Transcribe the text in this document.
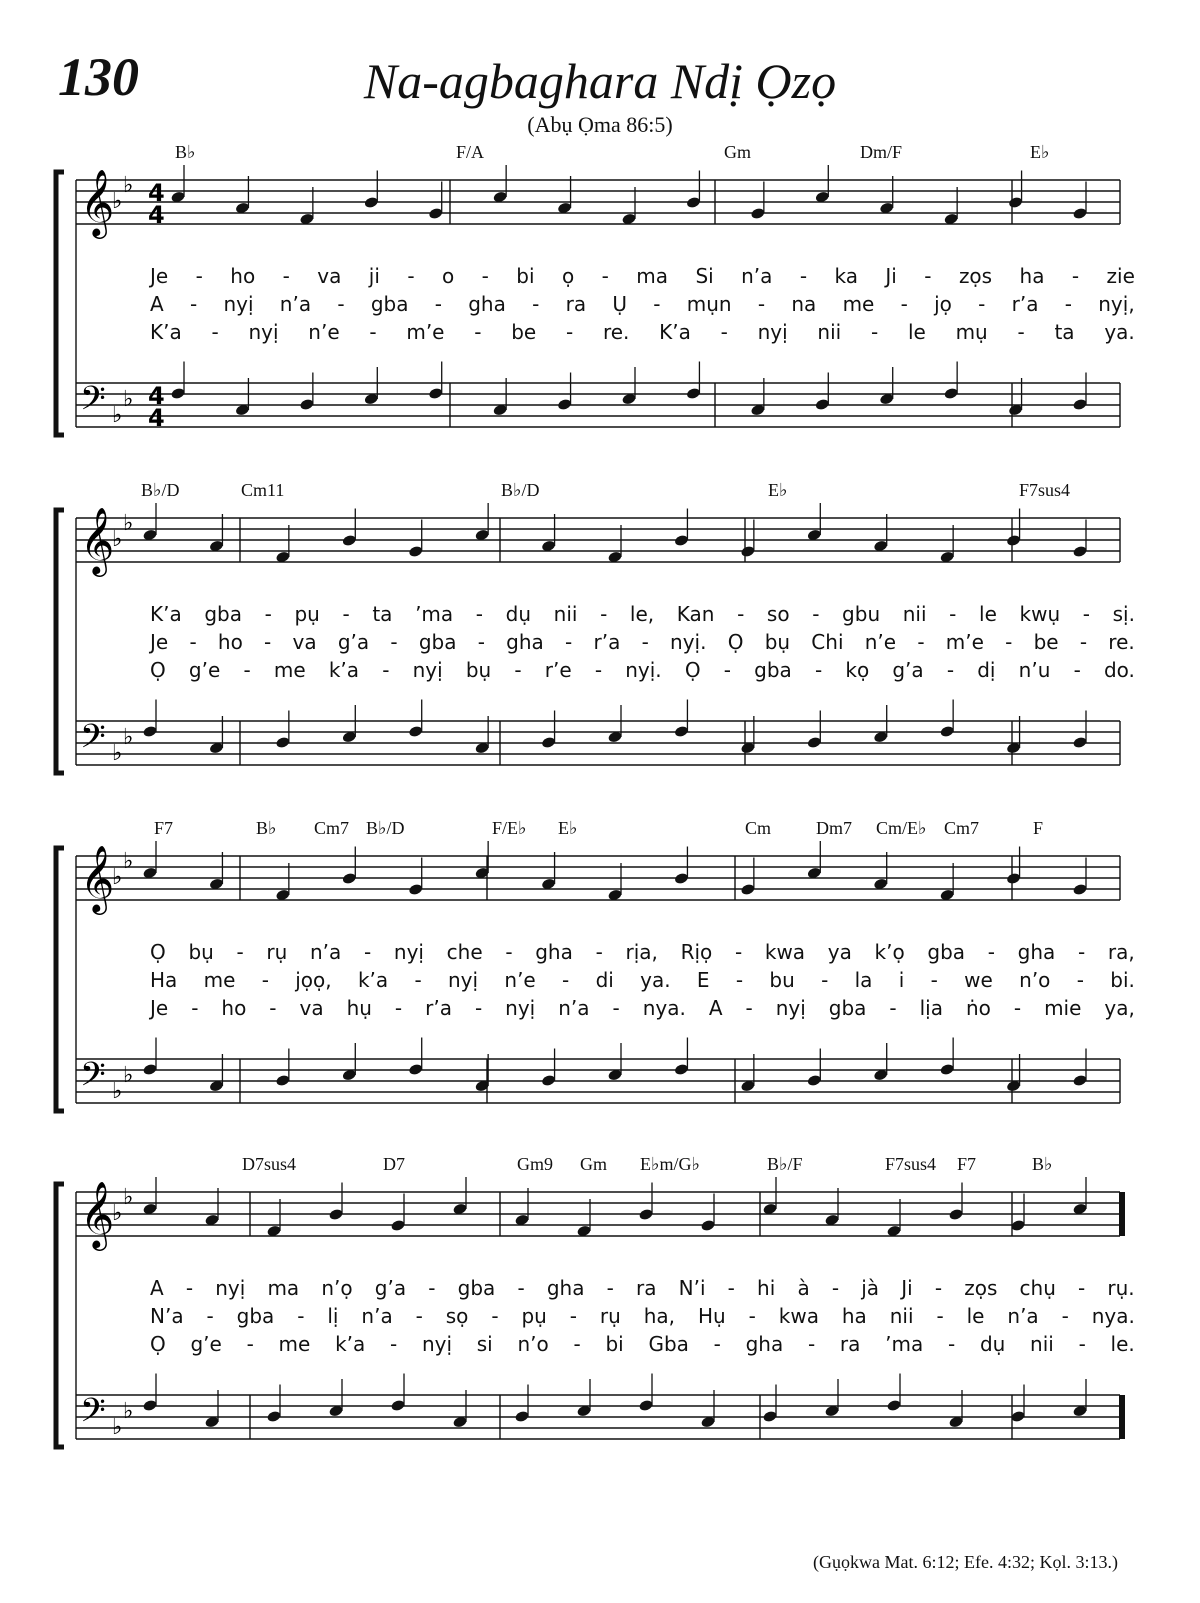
130	Na-agbaghara Ndị Ọzọ
(Abụ Ọma 86:5)
𝄞
♭
♭ 4
4
𝄢 ♭
♭ 4
4
B♭	F/A	Gm	Dm/F	E♭
Je - ho - va ji - o - bi ọ - ma Si n’a - ka Ji - zọs ha - zie
A - nyị n’a - gba - gha - ra Ụ - mụn - na me - jọ - r’a - nyị,
K’a - nyị n’e - m’e - be - re. K’a - nyị nii - le mụ - ta ya.
𝄞
♭
♭
𝄢 ♭
♭
B♭/D	Cm11	B♭/D	E♭	F7sus4
K’a gba - pụ - ta ’ma - dụ nii - le, Kan - so - gbu nii - le kwụ - sị.
Je - ho - va g’a - gba - gha - r’a - nyị. Ọ bụ Chi n’e - m’e - be - re.
Ọ g’e - me k’a - nyị bụ - r’e - nyị. Ọ - gba - kọ g’a - dị n’u - do.
𝄞
♭
♭
𝄢 ♭
♭
F7	B♭ Cm7 B♭/D	F/E♭ E♭	Cm Dm7 Cm/E♭ Cm7	F
Ọ bụ - rụ n’a - nyị che - gha - rịa, Rịọ - kwa ya k’ọ gba - gha - ra,
Ha me - jọọ, k’a - nyị n’e - di ya. E - bu - la i - we n’o - bi.
Je - ho - va hụ - r’a - nyị n’a - nya. A - nyị gba - lịa ṅo - mie ya,
𝄞
♭
♭
𝄢 ♭
♭
D7sus4	D7	Gm9 Gm E♭m/G♭	B♭/F	F7sus4 F7	B♭
A - nyị ma n’ọ g’a - gba - gha - ra N’i - hi à - jà Ji - zọs chụ - rụ.
N’a - gba - lị n’a - sọ - pụ - rụ ha, Hụ - kwa ha nii - le n’a - nya.
Ọ g’e - me k’a - nyị si n’o - bi Gba - gha - ra ’ma - dụ nii - le.
(Gụọkwa Mat. 6:12; Efe. 4:32; Kọl. 3:13.)
